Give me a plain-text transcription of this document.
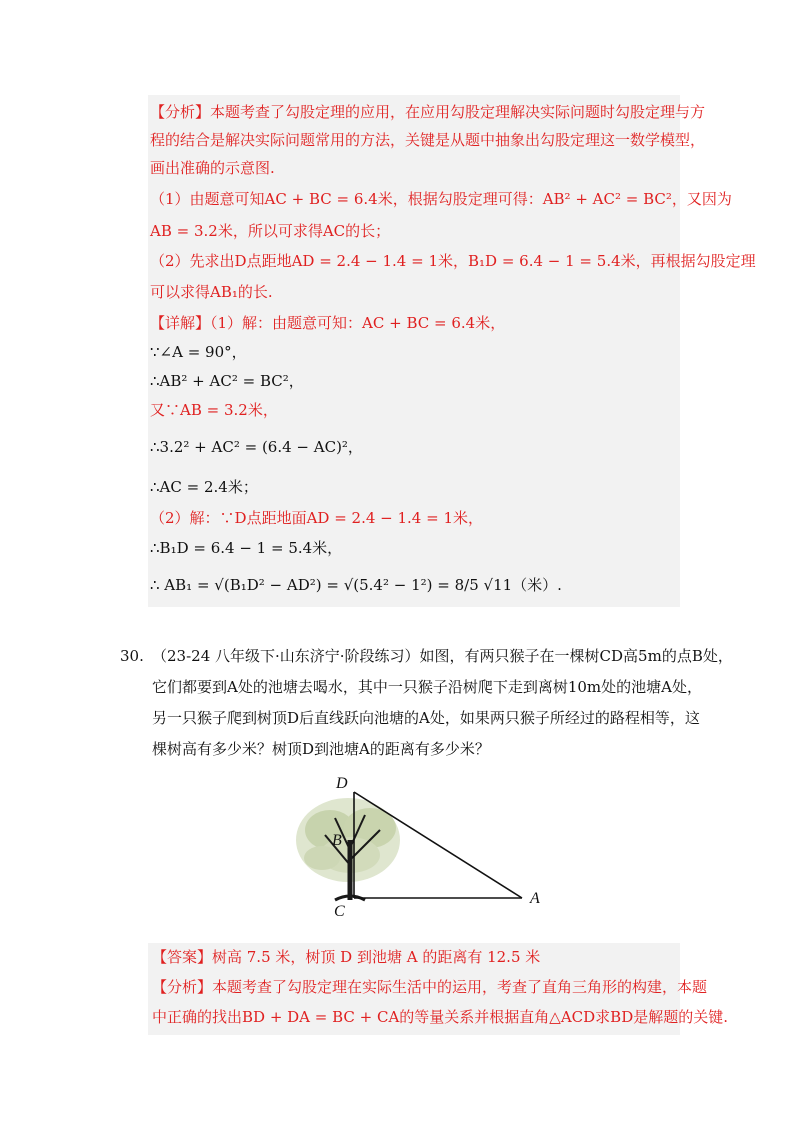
【分析】本题考查了勾股定理的应用，在应用勾股定理解决实际问题时勾股定理与方
程的结合是解决实际问题常用的方法，关键是从题中抽象出勾股定理这一数学模型，
画出准确的示意图.
（1）由题意可知AC + BC = 6.4米，根据勾股定理可得：AB² + AC² = BC²，又因为
AB = 3.2米，所以可求得AC的长；
（2）先求出D点距地AD = 2.4 − 1.4 = 1米，B₁D = 6.4 − 1 = 5.4米，再根据勾股定理
可以求得AB₁的长.
【详解】（1）解：由题意可知：AC + BC = 6.4米，
∵∠A = 90°，
∴AB² + AC² = BC²，
又∵AB = 3.2米，
∴3.2² + AC² = (6.4 − AC)²，
∴AC = 2.4米；
（2）解：∵D点距地面AD = 2.4 − 1.4 = 1米，
∴B₁D = 6.4 − 1 = 5.4米，
∴ AB₁ = √(B₁D² − AD²) = √(5.4² − 1²) = 8/5 √11（米）.
30. （23-24 八年级下·山东济宁·阶段练习）如图，有两只猴子在一棵树CD高5m的点B处，
它们都要到A处的池塘去喝水，其中一只猴子沿树爬下走到离树10m处的池塘A处，
另一只猴子爬到树顶D后直线跃向池塘的A处，如果两只猴子所经过的路程相等，这
棵树高有多少米？树顶D到池塘A的距离有多少米？
D
B
C
A
【答案】树高 7.5 米，树顶 D 到池塘 A 的距离有 12.5 米
【分析】本题考查了勾股定理在实际生活中的运用，考查了直角三角形的构建，本题
中正确的找出BD + DA = BC + CA的等量关系并根据直角△ACD求BD是解题的关键.
